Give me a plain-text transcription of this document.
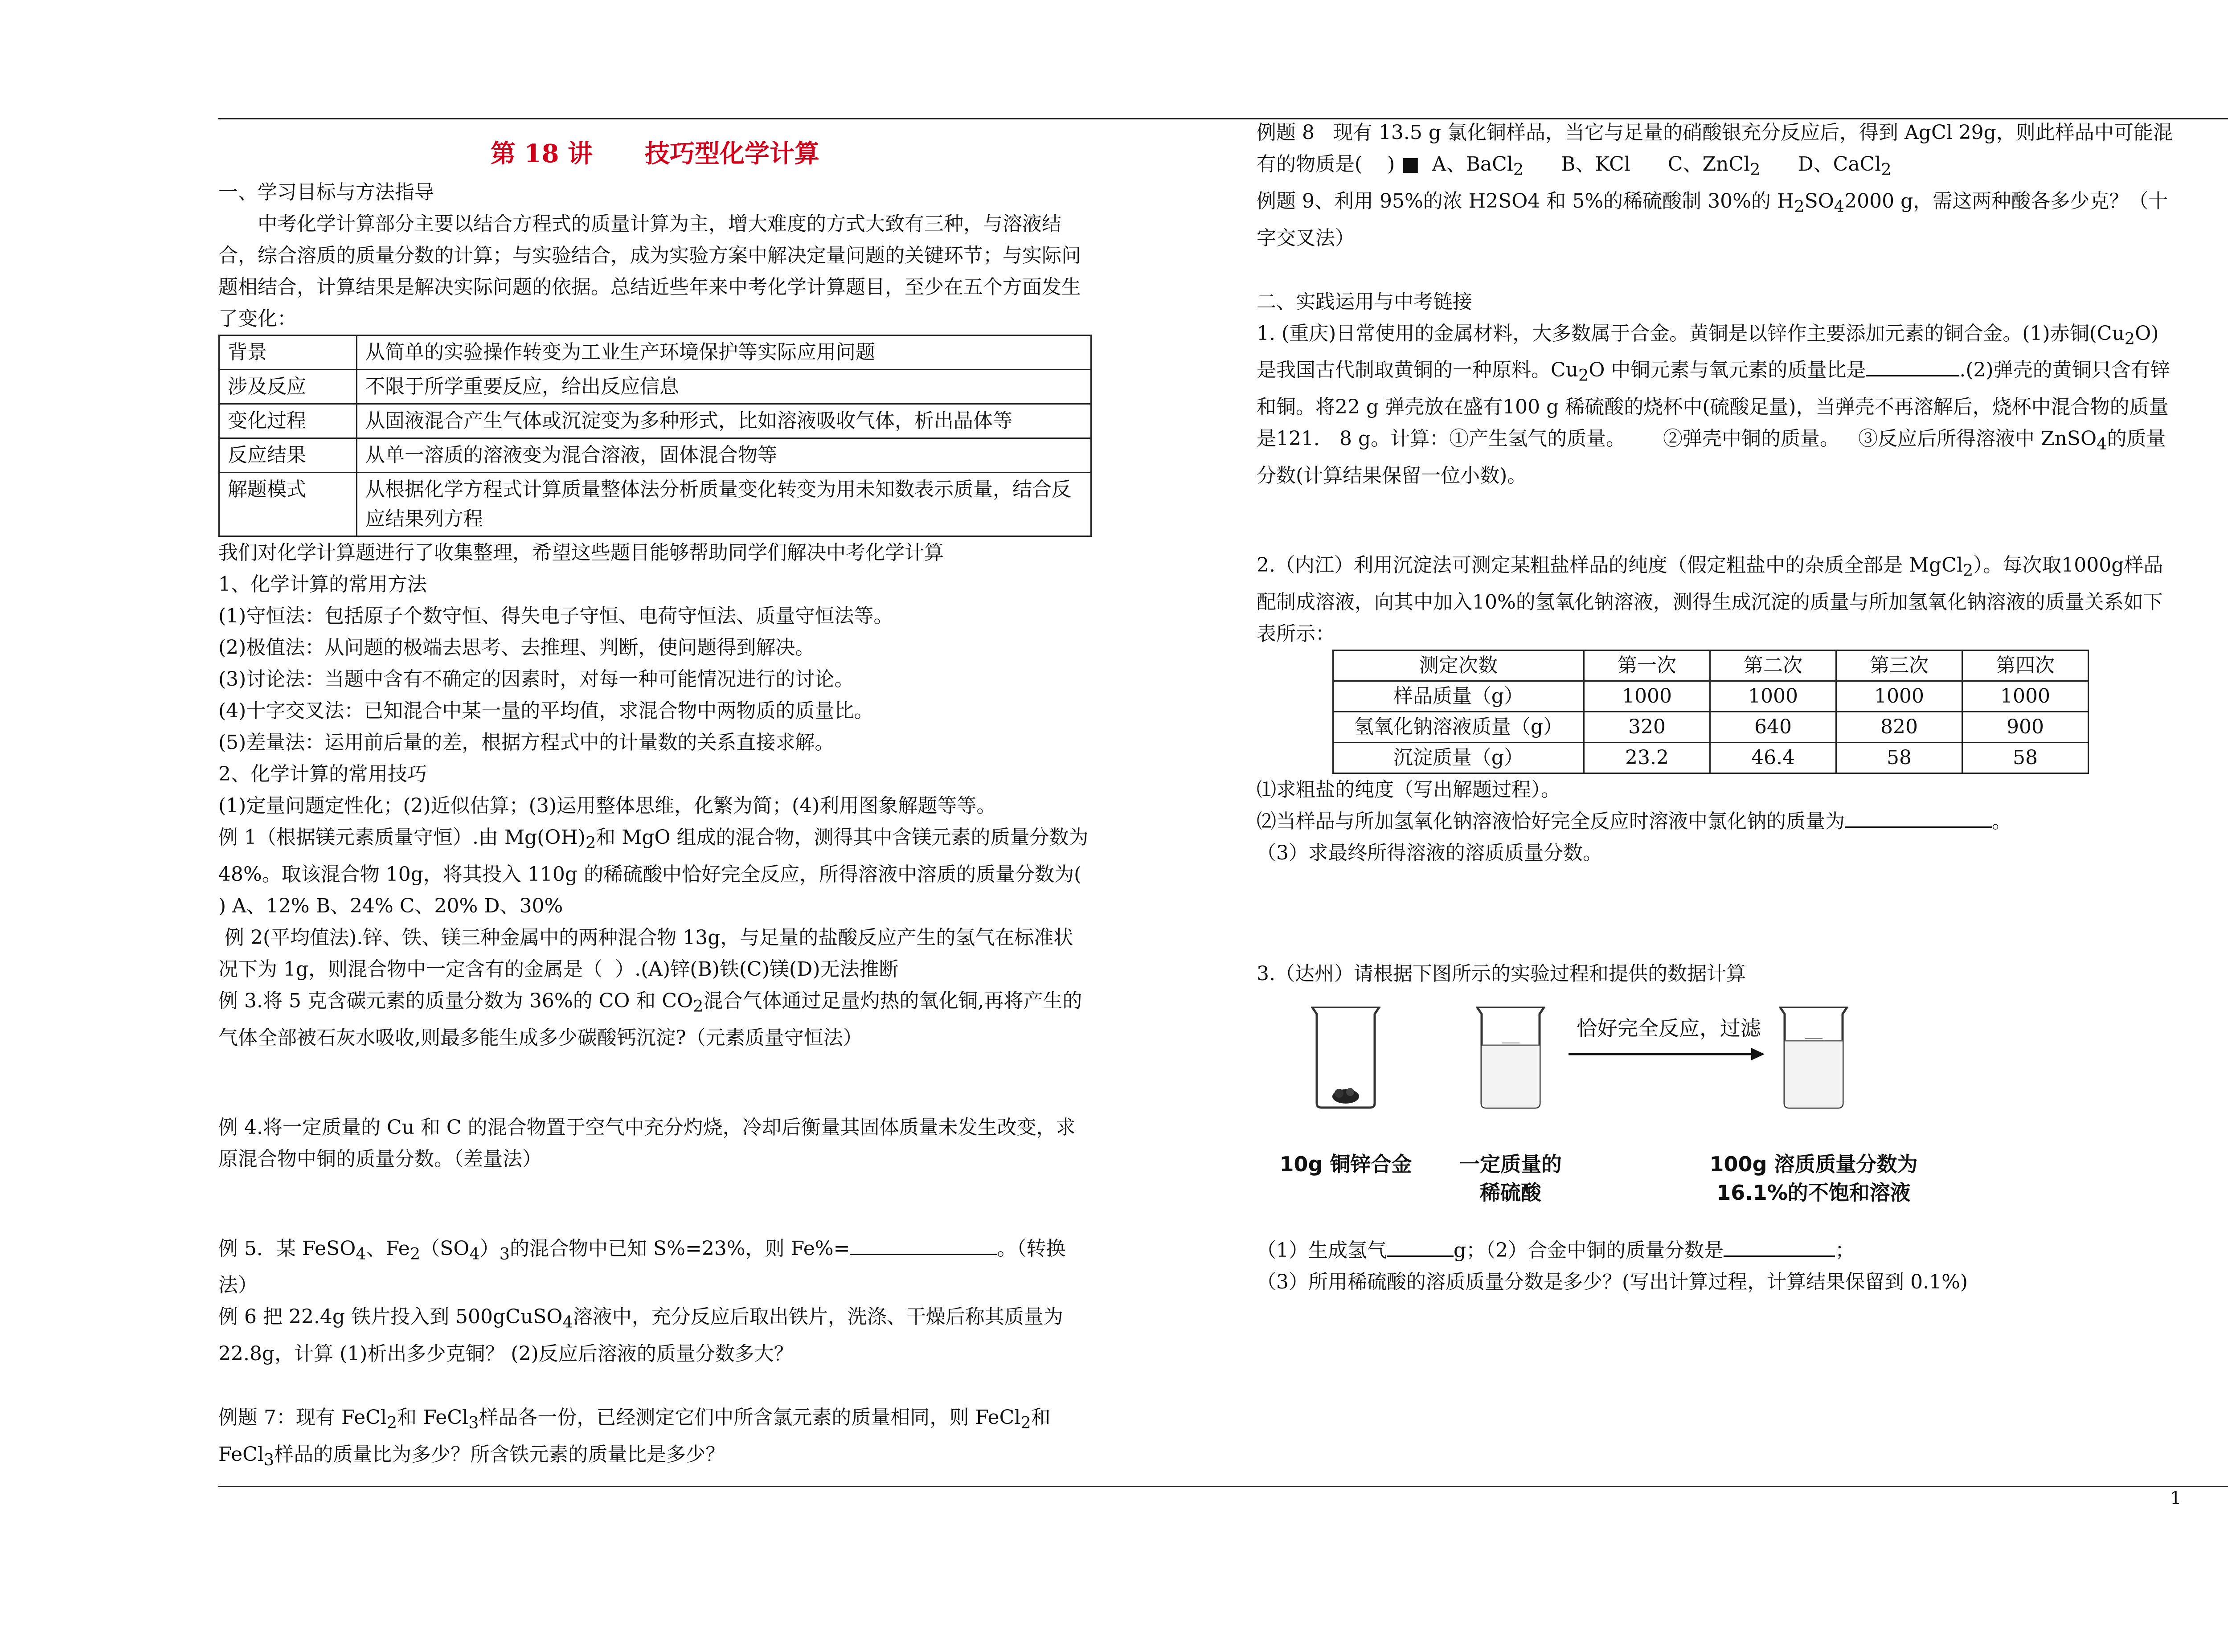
第 18 讲      技巧型化学计算

一、学习目标与方法指导

中考化学计算部分主要以结合方程式的质量计算为主，增大难度的方式大致有三种，与溶液结合，综合溶质的质量分数的计算；与实验结合，成为实验方案中解决定量问题的关键环节；与实际问题相结合，计算结果是解决实际问题的依据。总结近些年来中考化学计算题目，至少在五个方面发生了变化：

背景	从简单的实验操作转变为工业生产环境保护等实际应用问题
涉及反应	不限于所学重要反应，给出反应信息
变化过程	从固液混合产生气体或沉淀变为多种形式，比如溶液吸收气体，析出晶体等
反应结果	从单一溶质的溶液变为混合溶液，固体混合物等
解题模式	从根据化学方程式计算质量整体法分析质量变化转变为用未知数表示质量，结合反应结果列方程

我们对化学计算题进行了收集整理，希望这些题目能够帮助同学们解决中考化学计算

1、化学计算的常用方法

(1)守恒法：包括原子个数守恒、得失电子守恒、电荷守恒法、质量守恒法等。

(2)极值法：从问题的极端去思考、去推理、判断，使问题得到解决。

(3)讨论法：当题中含有不确定的因素时，对每一种可能情况进行的讨论。

(4)十字交叉法：已知混合中某一量的平均值，求混合物中两物质的质量比。

(5)差量法：运用前后量的差，根据方程式中的计量数的关系直接求解。

2、化学计算的常用技巧

(1)定量问题定性化；(2)近似估算；(3)运用整体思维，化繁为简；(4)利用图象解题等等。

例 1（根据镁元素质量守恒）.由 $Mg(OH)_2$和 MgO 组成的混合物，测得其中含镁元素的质量分数为 48%。取该混合物 10g，将其投入 110g 的稀硫酸中恰好完全反应，所得溶液中溶质的质量分数为( ) A、12% B、24% C、20% D、30%

例 2(平均值法).锌、铁、镁三种金属中的两种混合物 13g，与足量的盐酸反应产生的氢气在标准状况下为 1g，则混合物中一定含有的金属是（  ）.(A)锌(B)铁(C)镁(D)无法推断

例 3.将 5 克含碳元素的质量分数为 36%的 CO 和 $CO_2$混合气体通过足量灼热的氧化铜,再将产生的气体全部被石灰水吸收,则最多能生成多少碳酸钙沉淀?（元素质量守恒法）

例 4.将一定质量的 Cu 和 C 的混合物置于空气中充分灼烧，冷却后衡量其固体质量未发生改变，求原混合物中铜的质量分数。（差量法）

例 5．某 FeSO$_4$、$Fe_2(SO_4)_3$的混合物中已知 S%=23%，则 Fe%=	。（转换法）

例 6 把 22.4g 铁片投入到 500gCuSO$_4$溶液中，充分反应后取出铁片，洗涤、干燥后称其质量为 22.8g，计算 (1)析出多少克铜？ (2)反应后溶液的质量分数多大？

例题 7：现有 FeCl$_2$和 FeCl$_3$样品各一份，已经测定它们中所含氯元素的质量相同，则 FeCl$_2$和 FeCl$_3$样品的质量比为多少？所含铁元素的质量比是多少？

例题 8   现有 13.5 g 氯化铜样品，当它与足量的硝酸银充分反应后，得到 AgCl 29g，则此样品中可能混有的物质是(    ) ■  A、BaCl$_2$      B、KCl      C、ZnCl$_2$      D、CaCl$_2$

例题 9、利用 95%的浓 H2SO4 和 5%的稀硫酸制 30%的 $H_2SO_42000$ g，需这两种酸各多少克？（十字交叉法）

二、实践运用与中考链接

1. (重庆)日常使用的金属材料，大多数属于合金。黄铜是以锌作主要添加元素的铜合金。(1)赤铜$(Cu_2O)$是我国古代制取黄铜的一种原料。$Cu_2O$ 中铜元素与氧元素的质量比是	.(2)弹壳的黄铜只含有锌和铜。将22 g 弹壳放在盛有100 g 稀硫酸的烧杯中(硫酸足量)，当弹壳不再溶解后，烧杯中混合物的质量是121． 8 g。计算：①产生氢气的质量。      ②弹壳中铜的质量。   ③反应后所得溶液中 ZnSO$_4$的质量分数(计算结果保留一位小数)。

2.（内江）利用沉淀法可测定某粗盐样品的纯度（假定粗盐中的杂质全部是 MgCl$_2$）。每次取1000g样品配制成溶液，向其中加入10%的氢氧化钠溶液，测得生成沉淀的质量与所加氢氧化钠溶液的质量关系如下表所示：

测定次数	第一次	第二次	第三次	第四次
样品质量（g）	1000	1000	1000	1000
氢氧化钠溶液质量（g）	320	640	820	900
沉淀质量（g）	23.2	46.4	58	58

⑴求粗盐的纯度（写出解题过程）。

⑵当样品与所加氢氧化钠溶液恰好完全反应时溶液中氯化钠的质量为	。

（3）求最终所得溶液的溶质质量分数。

3.（达州）请根据下图所示的实验过程和提供的数据计算

恰好完全反应，过滤
10g 铜锌合金	一定质量的
稀硫酸
100g 溶质质量分数为
16.1%的不饱和溶液

（1）生成氢气	g；（2）合金中铜的质量分数是	；

（3）所用稀硫酸的溶质质量分数是多少？(写出计算过程，计算结果保留到 0.1%)

1
